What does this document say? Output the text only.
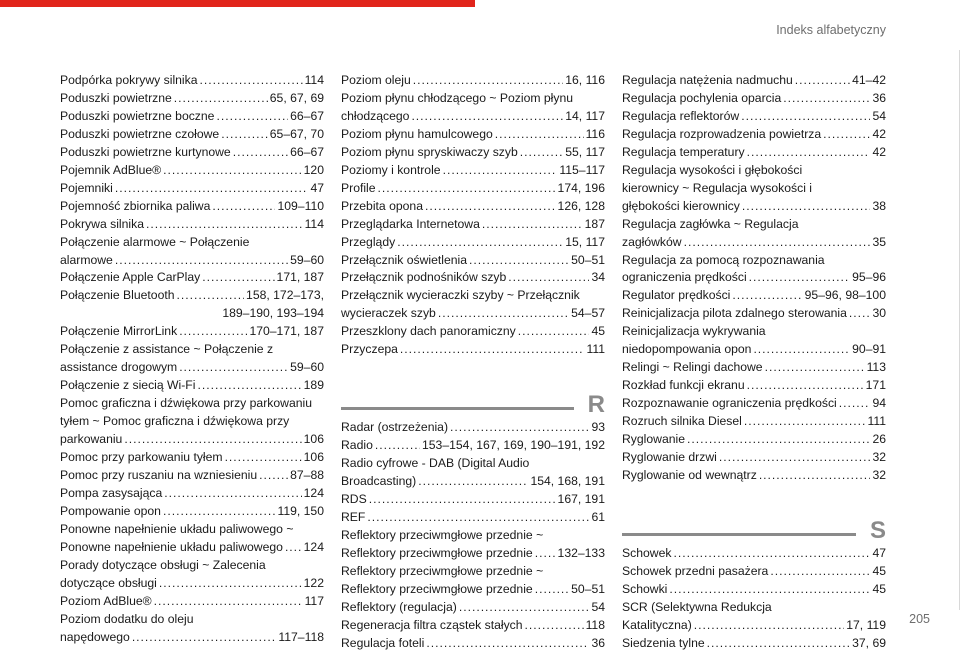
Indeks alfabetyczny
Podpórka pokrywy silnika . . .	114
Poduszki powietrzne . . .	65, 67, 69
Poduszki powietrzne boczne . . .	66–67
Poduszki powietrzne czołowe . . .	65–67, 70
Poduszki powietrzne kurtynowe . . .	66–67
Pojemnik AdBlue® . . .	120
Pojemniki . . .	47
Pojemność zbiornika paliwa . . .	109–110
Pokrywa silnika . . .	114
Połączenie alarmowe ~ Połączenie
alarmowe . . .	59–60
Połączenie Apple CarPlay . . .	171, 187
Połączenie Bluetooth . . .	158, 172–173,
189–190, 193–194
Połączenie MirrorLink . . .	170–171, 187
Połączenie z assistance ~ Połączenie z
assistance drogowym . . .	59–60
Połączenie z siecią Wi-Fi . . .	189
Pomoc graficzna i dźwiękowa przy parkowaniu
tyłem ~ Pomoc graficzna i dźwiękowa przy
parkowaniu . . .	106
Pomoc przy parkowaniu tyłem . . .	106
Pomoc przy ruszaniu na wzniesieniu . . .	87–88
Pompa zasysająca . . .	124
Pompowanie opon . . .	119, 150
Ponowne napełnienie układu paliwowego ~
Ponowne napełnienie układu paliwowego . . . 124
Porady dotyczące obsługi ~ Zalecenia
dotyczące obsługi . . .	122
Poziom AdBlue® . . .	117
Poziom dodatku do oleju
napędowego . . .	117–118
Poziom oleju . . .	16, 116
Poziom płynu chłodzącego ~ Poziom płynu
chłodzącego . . .	14, 117
Poziom płynu hamulcowego . . .	116
Poziom płynu spryskiwaczy szyb . . .	55, 117
Poziomy i kontrole . . .	115–117
Profile . . .	174, 196
Przebita opona . . .	126, 128
Przeglądarka Internetowa . . .	187
Przeglądy . . .	15, 117
Przełącznik oświetlenia . . .	50–51
Przełącznik podnośników szyb . . .	34
Przełącznik wycieraczki szyby ~ Przełącznik
wycieraczek szyb . . .	54–57
Przeszklony dach panoramiczny . . .	45
Przyczepa . . .	111
R
Radar (ostrzeżenia) . . .	93
Radio . . .	153–154, 167, 169, 190–191, 192
Radio cyfrowe - DAB (Digital Audio
Broadcasting) . . .	154, 168, 191
RDS . . .	167, 191
REF . . .	61
Reflektory przeciwmgłowe przednie ~
Reflektory przeciwmgłowe przednie . . . 132–133
Reflektory przeciwmgłowe przednie ~
Reflektory przeciwmgłowe przednie . . .	50–51
Reflektory (regulacja) . . .	54
Regeneracja filtra cząstek stałych . . .	118
Regulacja foteli . . .	36
Regulacja natężenia nadmuchu . . .	41–42
Regulacja pochylenia oparcia . . .	36
Regulacja reflektorów . . .	54
Regulacja rozprowadzenia powietrza . . .	42
Regulacja temperatury . . .	42
Regulacja wysokości i głębokości
kierownicy ~ Regulacja wysokości i
głębokości kierownicy . . .	38
Regulacja zagłówka ~ Regulacja
zagłówków . . .	35
Regulacja za pomocą rozpoznawania
ograniczenia prędkości . . .	95–96
Regulator prędkości . . .	95–96, 98–100
Reinicjalizacja pilota zdalnego sterowania . . . 30
Reinicjalizacja wykrywania
niedopompowania opon . . .	90–91
Relingi ~ Relingi dachowe . . .	113
Rozkład funkcji ekranu . . .	171
Rozpoznawanie ograniczenia prędkości . . .	94
Rozruch silnika Diesel . . .	111
Ryglowanie . . .	26
Ryglowanie drzwi . . .	32
Ryglowanie od wewnątrz . . .	32
S
Schowek . . .	47
Schowek przedni pasażera . . .	45
Schowki . . .	45
SCR (Selektywna Redukcja
Katalityczna) . . .	17, 119
Siedzenia tylne . . .	37, 69
205
